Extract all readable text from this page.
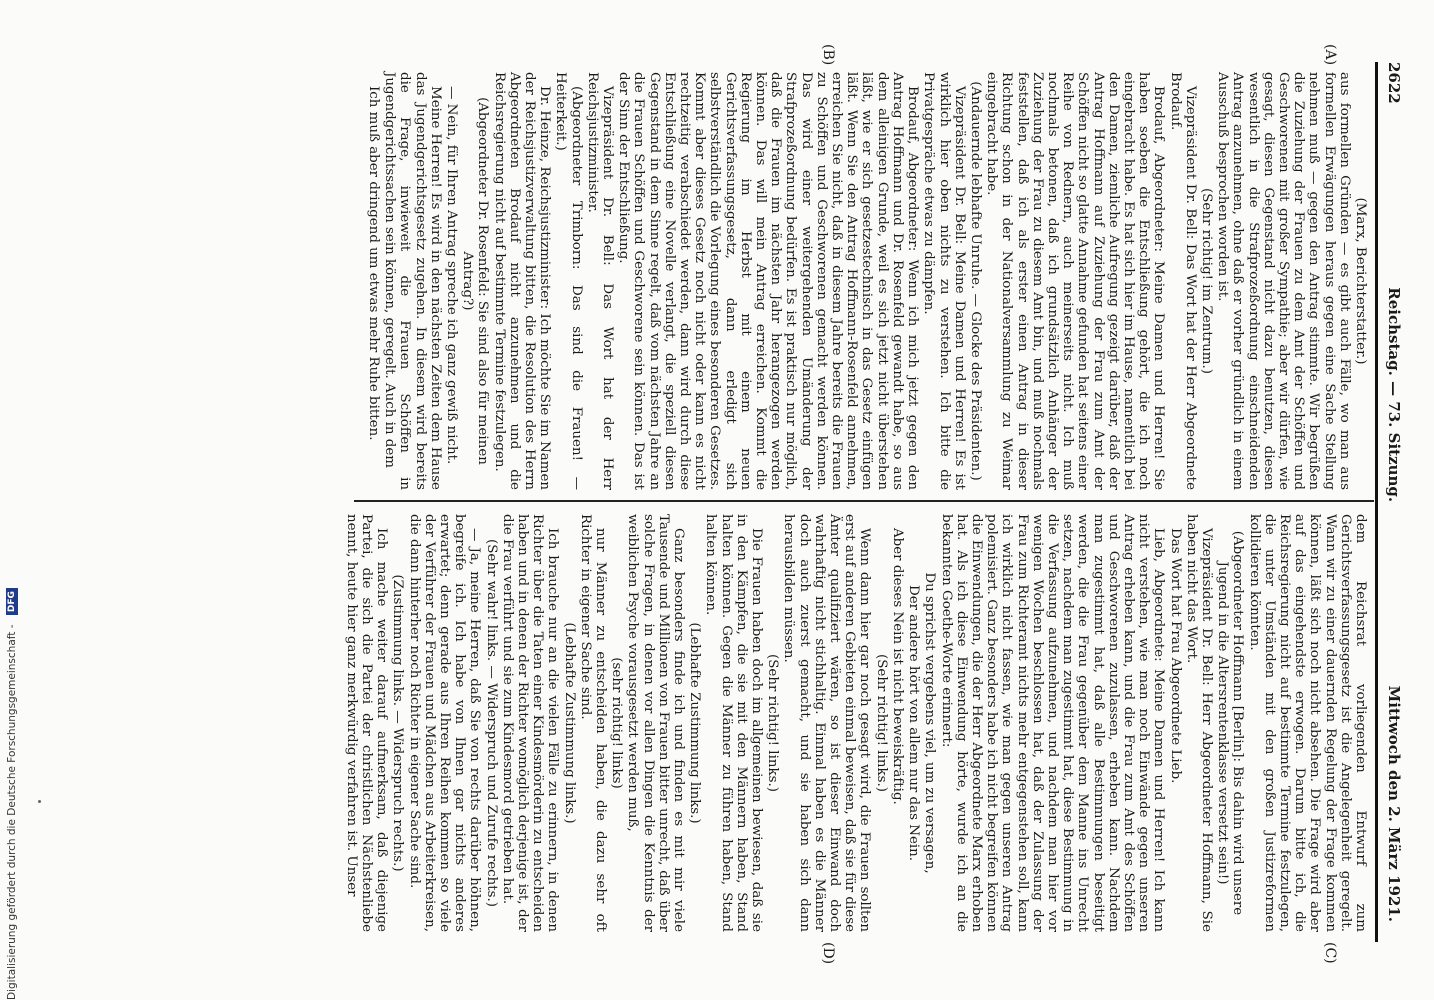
2622
Reichstag. — 73. Sitzung.
Mittwoch den 2. März 1921.
(A)
(B)
(C)
(D)

(Marx, Berichterstatter.)

aus formellen Gründen — es gibt auch Fälle, wo man aus formellen Erwägungen heraus gegen eine Sache Stellung nehmen muß — gegen den Antrag stimmte. Wir begrüßen die Zuziehung der Frauen zu dem Amt der Schöffen und Geschworenen mit großer Sympathie; aber wir dürfen, wie gesagt, diesen Gegenstand nicht dazu benutzen, diesen wesentlich in die Strafprozeßordnung einschneidenden Antrag anzunehmen, ohne daß er vorher gründlich in einem Ausschuß besprochen worden ist.

(Sehr richtig! im Zentrum.)

Vizepräsident Dr. Bell: Das Wort hat der Herr Abgeordnete Brodauf.

Brodauf, Abgeordneter: Meine Damen und Herren! Sie haben soeben die Entschließung gehört, die ich noch eingebracht habe. Es hat sich hier im Hause, namentlich bei den Damen, ziemliche Aufregung gezeigt darüber, daß der Antrag Hoffmann auf Zuziehung der Frau zum Amt der Schöffen nicht so glatte Annahme gefunden hat seitens einer Reihe von Rednern, auch meinerseits nicht. Ich muß nochmals betonen, daß ich grundsätzlich Anhänger der Zuziehung der Frau zu diesem Amt bin, und muß nochmals feststellen, daß ich als erster einen Antrag in dieser Richtung schon in der Nationalversammlung zu Weimar eingebracht habe.

(Andauernde lebhafte Unruhe. — Glocke des Präsidenten.)

Vizepräsident Dr. Bell: Meine Damen und Herren! Es ist wirklich hier oben nichts zu verstehen. Ich bitte die Privatgespräche etwas zu dämpfen.

Brodauf, Abgeordneter: Wenn ich mich jetzt gegen den Antrag Hoffmann und Dr. Rosenfeld gewandt habe, so aus dem alleinigen Grunde, weil es sich jetzt nicht überstehen läßt, wie er sich gesetzestechnisch in das Gesetz einfügen läßt. Wenn Sie den Antrag Hoffmann-Rosenfeld annehmen, erreichen Sie nicht, daß in diesem Jahre bereits die Frauen zu Schöffen und Geschworenen gemacht werden können. Das wird einer weitergehenden Umänderung der Strafprozeßordnung bedürfen. Es ist praktisch nur möglich, daß die Frauen im nächsten Jahr herangezogen werden können. Das will mein Antrag erreichen. Kommt die Regierung im Herbst mit einem neuen Gerichtsverfassungsgesetz, dann erledigt sich selbstverständlich die Vorlegung eines besonderen Gesetzes. Kommt aber dieses Gesetz noch nicht oder kann es nicht rechtzeitig verabschiedet werden, dann wird durch diese Entschließung eine Novelle verlangt, die speziell diesen Gegenstand in dem Sinne regelt, daß vom nächsten Jahre an die Frauen Schöffen und Geschworene sein können. Das ist der Sinn der Entschließung.

Vizepräsident Dr. Bell: Das Wort hat der Herr Reichsjustizminister.

(Abgeordneter Trimborn: Das sind die Frauen! — Heiterkeit.)

Dr. Heinze, Reichsjustizminister: Ich möchte Sie im Namen der Reichsjustizverwaltung bitten, die Resolution des Herrn Abgeordneten Brodauf nicht anzunehmen und die Reichsregierung nicht auf bestimmte Termine festzulegen.

(Abgeordneter Dr. Rosenfeld: Sie sind also für meinen Antrag?)

— Nein, für Ihren Antrag spreche ich ganz gewiß nicht.

Meine Herren! Es wird in den nächsten Zeiten dem Hause das Jugendgerichtsgesetz zugehen. In diesem wird bereits die Frage, inwieweit die Frauen Schöffen in Jugendgerichtssachen sein können, geregelt. Auch in dem

Ich muß aber dringend um etwas mehr Ruhe bitten.

dem Reichsrat vorliegenden Entwurf zum Gerichtsverfassungsgesetz ist die Angelegenheit geregelt. Wann wir zu einer dauernden Regelung der Frage kommen können, läßt sich noch nicht absehen. Die Frage wird aber auf das eingehendste erwogen. Darum bitte ich, die Reichsregierung nicht auf bestimmte Termine festzulegen, die unter Umständen mit den großen Justizreformen kollidieren könnten.

(Abgeordneter Hoffmann [Berlin]: Bis dahin wird unsere Jugend in die Altersrentenklasse versetzt sein!)

Vizepräsident Dr. Bell: Herr Abgeordneter Hoffmann, Sie haben nicht das Wort.

Das Wort hat Frau Abgeordnete Lieb.

Lieb, Abgeordnete: Meine Damen und Herren! Ich kann nicht verstehen, wie man noch Einwände gegen unseren Antrag erheben kann, und die Frau zum Amt des Schöffen und Geschworenen zuzulassen, erheben kann. Nachdem man zugestimmt hat, daß alle Bestimmungen beseitigt werden, die die Frau gegenüber dem Manne ins Unrecht setzen, nachdem man zugestimmt hat, diese Bestimmung in die Verfassung aufzunehmen, und nachdem man hier vor wenigen Wochen beschlossen hat, daß der Zulassung der Frau zum Richteramt nichts mehr entgegenstehen soll, kann ich wirklich nicht fassen, wie man gegen unseren Antrag polemisiert. Ganz besonders habe ich nicht begreifen können die Einwendungen, die der Herr Abgeordnete Marx erhoben hat. Als ich diese Einwendung hörte, wurde ich an die bekannten Goethe-Worte erinnert:

Du sprichst vergebens viel, um zu versagen,

Der andere hört von allem nur das Nein.

Aber dieses Nein ist nicht beweiskräftig.

(Sehr richtig! links.)

Wenn dann hier gar noch gesagt wird, die Frauen sollten erst auf anderen Gebieten einmal beweisen, daß sie für diese Ämter qualifiziert wären, so ist dieser Einwand doch wahrhaftig nicht stichhaltig. Einmal haben es die Männer doch auch zuerst gemacht, und sie haben sich dann herausbilden müssen.

(Sehr richtig! links.)

Die Frauen haben doch im allgemeinen bewiesen, daß sie in den Kämpfen, die sie mit den Männern haben, Stand halten können. Gegen die Männer zu führen haben, Stand halten können.

(Lebhafte Zustimmung links.)

Ganz besonders finde ich und finden es mit mir viele Tausende und Millionen von Frauen bitter unrecht, daß über solche Fragen, in denen vor allen Dingen die Kenntnis der weiblichen Psyche vorausgesetzt werden muß,

(sehr richtig! links)

nur Männer zu entscheiden haben, die dazu sehr oft Richter in eigener Sache sind.

(Lebhafte Zustimmung links.)

Ich brauche nur an die vielen Fälle zu erinnern, in denen Richter über die Taten einer Kindesmörderin zu entscheiden haben und in denen der Richter womöglich derjenige ist, der die Frau verführt und sie zum Kindesmord getrieben hat.

(Sehr wahr! links. — Widerspruch und Zurufe rechts.)

— Ja, meine Herren, daß Sie von rechts darüber höhnen, begreife ich. Ich habe von Ihnen gar nichts anderes erwartet; denn gerade aus Ihren Reihen kommen so viele der Verführer der Frauen und Mädchen aus Arbeiterkreisen, die dann hinterher noch Richter in eigener Sache sind.

(Zustimmung links. — Widerspruch rechts.)

Ich mache weiter darauf aufmerksam, daß diejenige Partei, die sich die Partei der christlichen Nächstenliebe nennt, heute hier ganz merkwürdig verfahren ist. Unser

Digitalisierung gefördert durch die Deutsche Forschungsgemeinschaft - DFG
